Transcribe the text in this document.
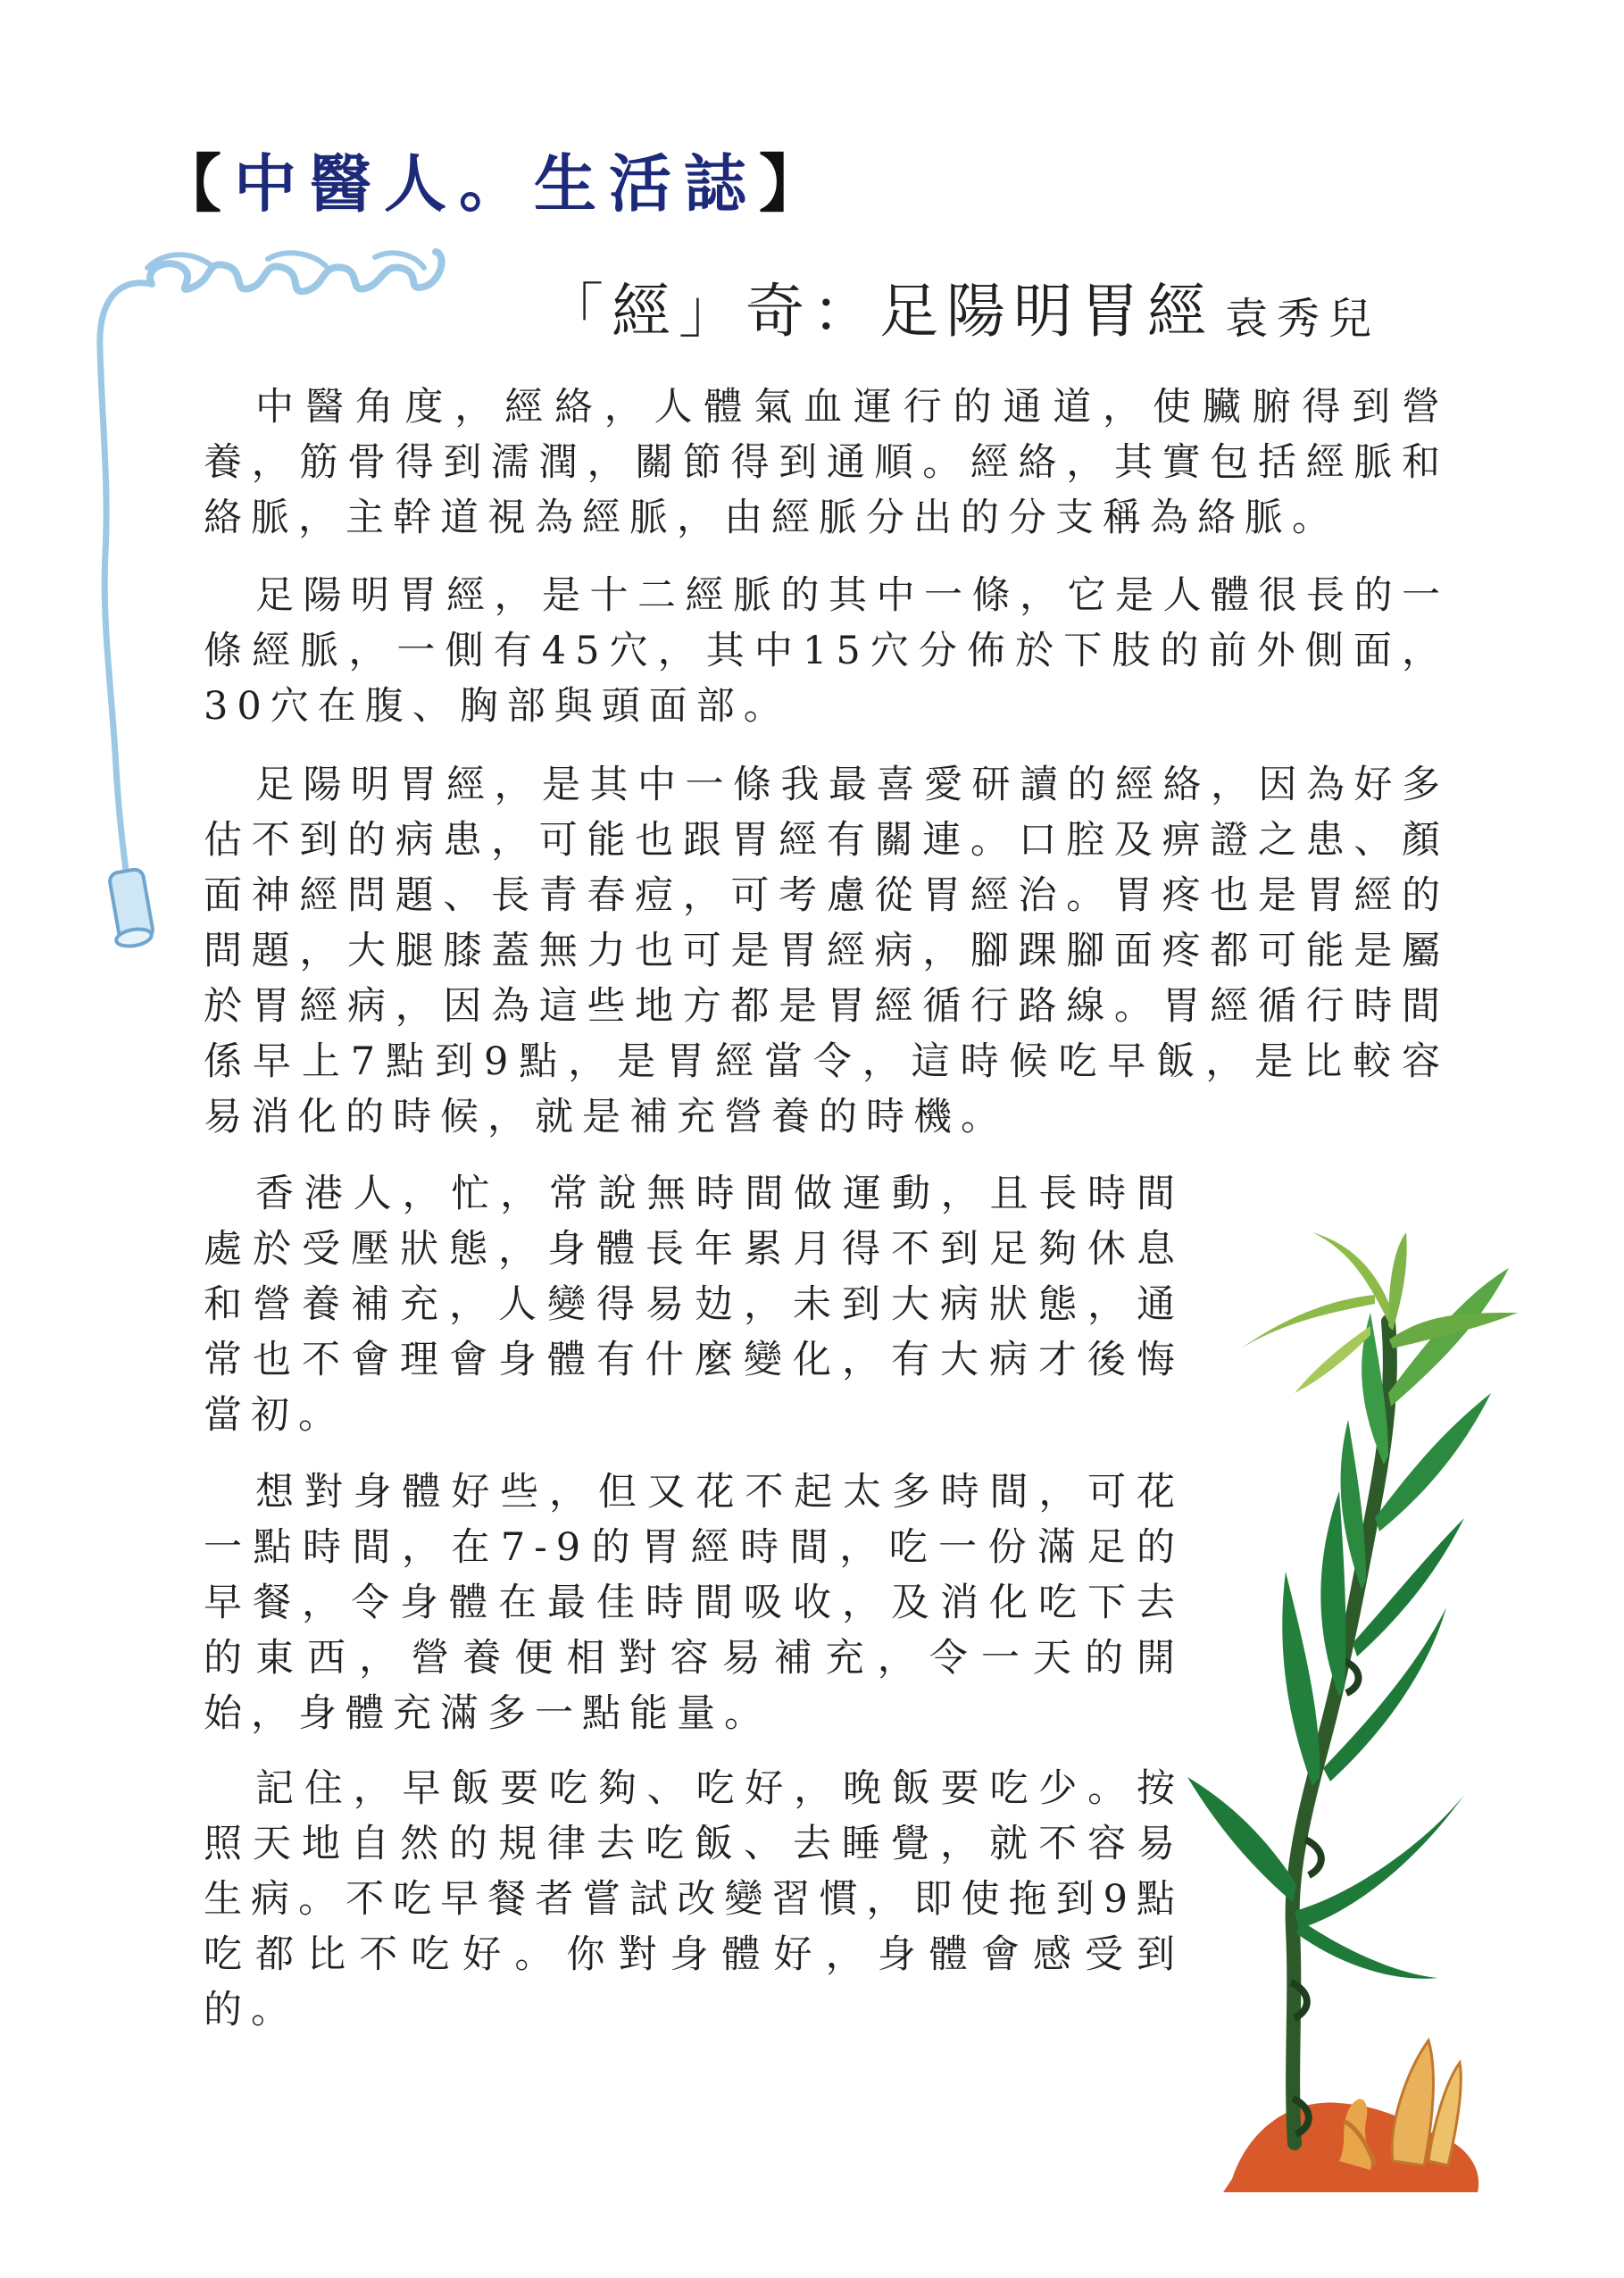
【中醫人。生活誌】
「經」奇：足陽明胃經 袁秀兒

中醫角度，經絡，人體氣血運行的通道，使臟腑得到營養，筋骨得到濡潤，關節得到通順。經絡，其實包括經脈和絡脈，主幹道視為經脈，由經脈分出的分支稱為絡脈。

足陽明胃經，是十二經脈的其中一條，它是人體很長的一條經脈，一側有45穴，其中15穴分佈於下肢的前外側面，30穴在腹、胸部與頭面部。

足陽明胃經，是其中一條我最喜愛研讀的經絡，因為好多估不到的病患，可能也跟胃經有關連。口腔及痹證之患、顏面神經問題、長青春痘，可考慮從胃經治。胃疼也是胃經的問題，大腿膝蓋無力也可是胃經病，腳踝腳面疼都可能是屬於胃經病，因為這些地方都是胃經循行路線。胃經循行時間係早上7點到9點，是胃經當令，這時候吃早飯，是比較容易消化的時候，就是補充營養的時機。

香港人，忙，常說無時間做運動，且長時間處於受壓狀態，身體長年累月得不到足夠休息和營養補充，人變得易攰，未到大病狀態，通常也不會理會身體有什麼變化，有大病才後悔當初。

想對身體好些，但又花不起太多時間，可花一點時間，在7-9的胃經時間，吃一份滿足的早餐，令身體在最佳時間吸收，及消化吃下去的東西，營養便相對容易補充，令一天的開始，身體充滿多一點能量。

記住，早飯要吃夠、吃好，晚飯要吃少。按照天地自然的規律去吃飯、去睡覺，就不容易生病。不吃早餐者嘗試改變習慣，即使拖到9點吃都比不吃好。你對身體好，身體會感受到的。
